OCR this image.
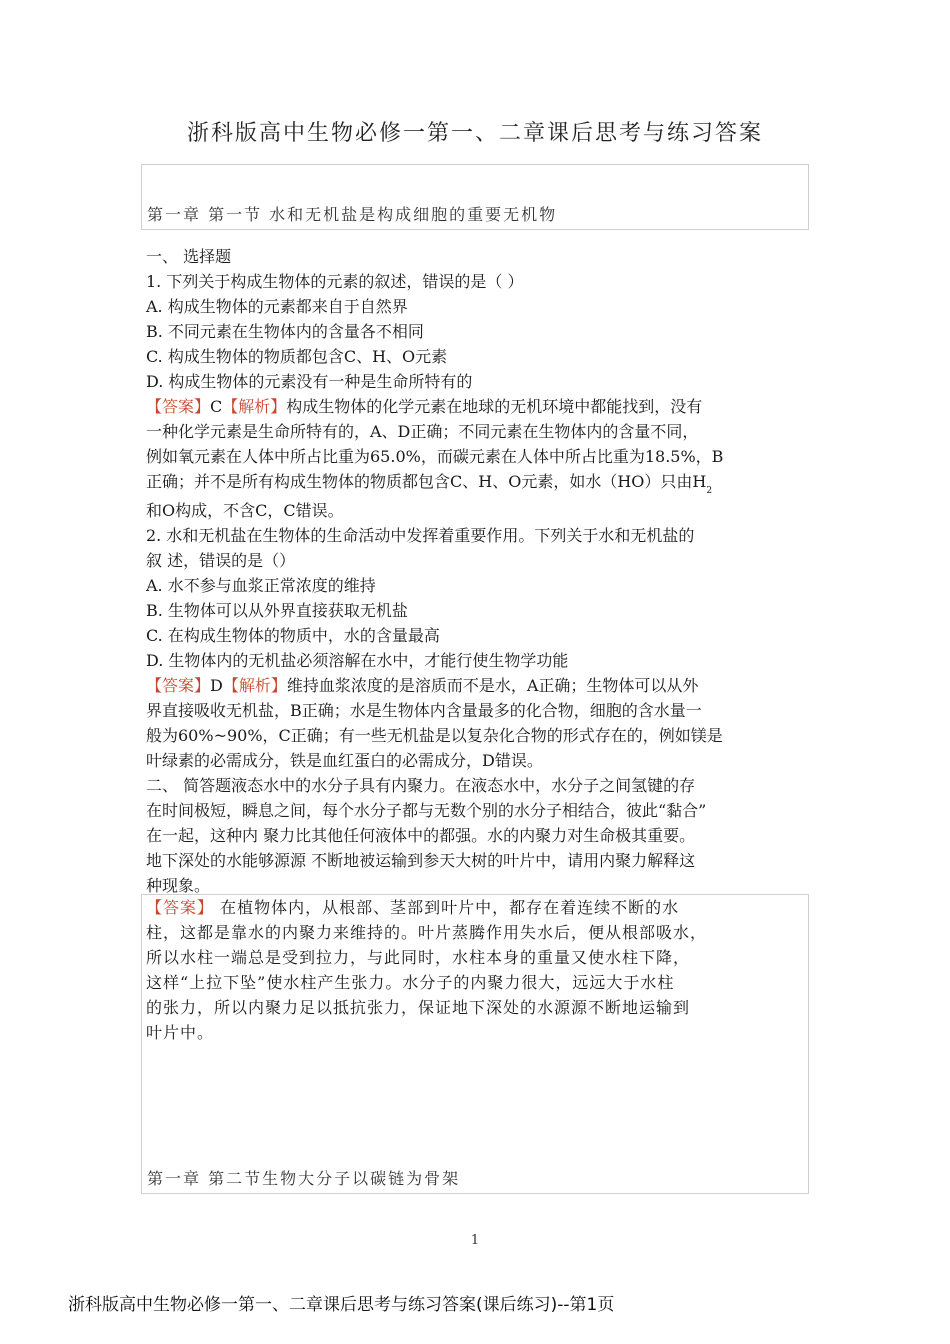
浙科版高中生物必修一第一、二章课后思考与练习答案
第一章 第一节 水和无机盐是构成细胞的重要无机物
一、 选择题
1. 下列关于构成生物体的元素的叙述，错误的是（ ）
A. 构成生物体的元素都来自于自然界
B. 不同元素在生物体内的含量各不相同
C. 构成生物体的物质都包含C、H、O元素
D. 构成生物体的元素没有一种是生命所特有的
【答案】C【解析】构成生物体的化学元素在地球的无机环境中都能找到，没有
一种化学元素是生命所特有的，A、D正确；不同元素在生物体内的含量不同，
例如氧元素在人体中所占比重为65.0%，而碳元素在人体中所占比重为18.5%，B
正确；并不是所有构成生物体的物质都包含C、H、O元素，如水（HO）只由$H_2$
和O构成，不含C，C错误。
2. 水和无机盐在生物体的生命活动中发挥着重要作用。下列关于水和无机盐的
叙 述，错误的是（）
A. 水不参与血浆正常浓度的维持
B. 生物体可以从外界直接获取无机盐
C. 在构成生物体的物质中，水的含量最高
D. 生物体内的无机盐必须溶解在水中，才能行使生物学功能
【答案】D【解析】维持血浆浓度的是溶质而不是水，A正确；生物体可以从外
界直接吸收无机盐，B正确；水是生物体内含量最多的化合物，细胞的含水量一
般为60%~90%，C正确；有一些无机盐是以复杂化合物的形式存在的，例如镁是
叶绿素的必需成分，铁是血红蛋白的必需成分，D错误。
二、 简答题液态水中的水分子具有内聚力。在液态水中，水分子之间氢键的存
在时间极短，瞬息之间，每个水分子都与无数个别的水分子相结合，彼此“黏合”
在一起，这种内 聚力比其他任何液体中的都强。水的内聚力对生命极其重要。
地下深处的水能够源源 不断地被运输到参天大树的叶片中，请用内聚力解释这
种现象。
【答案】 在植物体内，从根部、茎部到叶片中，都存在着连续不断的水
柱，这都是靠水的内聚力来维持的。叶片蒸腾作用失水后，便从根部吸水，
所以水柱一端总是受到拉力，与此同时，水柱本身的重量又使水柱下降，
这样“上拉下坠”使水柱产生张力。水分子的内聚力很大，远远大于水柱
的张力，所以内聚力足以抵抗张力，保证地下深处的水源源不断地运输到
叶片中。
第一章 第二节生物大分子以碳链为骨架
1
浙科版高中生物必修一第一、二章课后思考与练习答案(课后练习)--第1页
